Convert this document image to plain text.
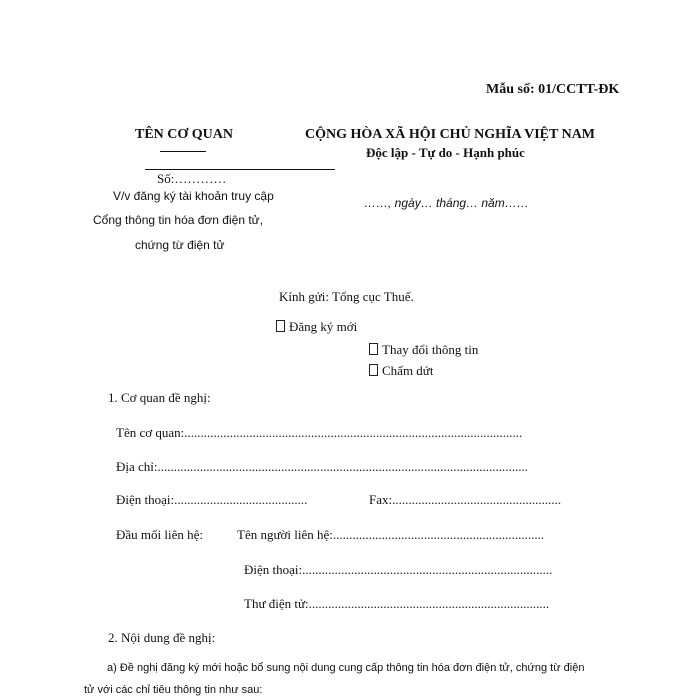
Mẫu số: 01/CCTT-ĐK
TÊN CƠ QUAN	CỘNG HÒA XÃ HỘI CHỦ NGHĨA VIỆT NAM
Độc lập - Tự do - Hạnh phúc
Số:…………
V/v đăng ký tài khoản truy cập
Cổng thông tin hóa đơn điện tử,
chứng từ điện tử
……, ngày… tháng… năm……
Kính gửi: Tổng cục Thuế.
Đăng ký mới
Thay đổi thông tin
Chấm dứt
1. Cơ quan đề nghị:
Tên cơ quan:........................................................................................................
Địa chỉ:..................................................................................................................
Điện thoại:.........................................	Fax:....................................................
Đầu mối liên hệ:	Tên người liên hệ:.................................................................
Điện thoại:.............................................................................
Thư điện tử:..........................................................................
2. Nội dung đề nghị:
a) Đề nghị đăng ký mới hoặc bổ sung nội dung cung cấp thông tin hóa đơn điện tử, chứng từ điện
tử với các chỉ tiêu thông tin như sau:
